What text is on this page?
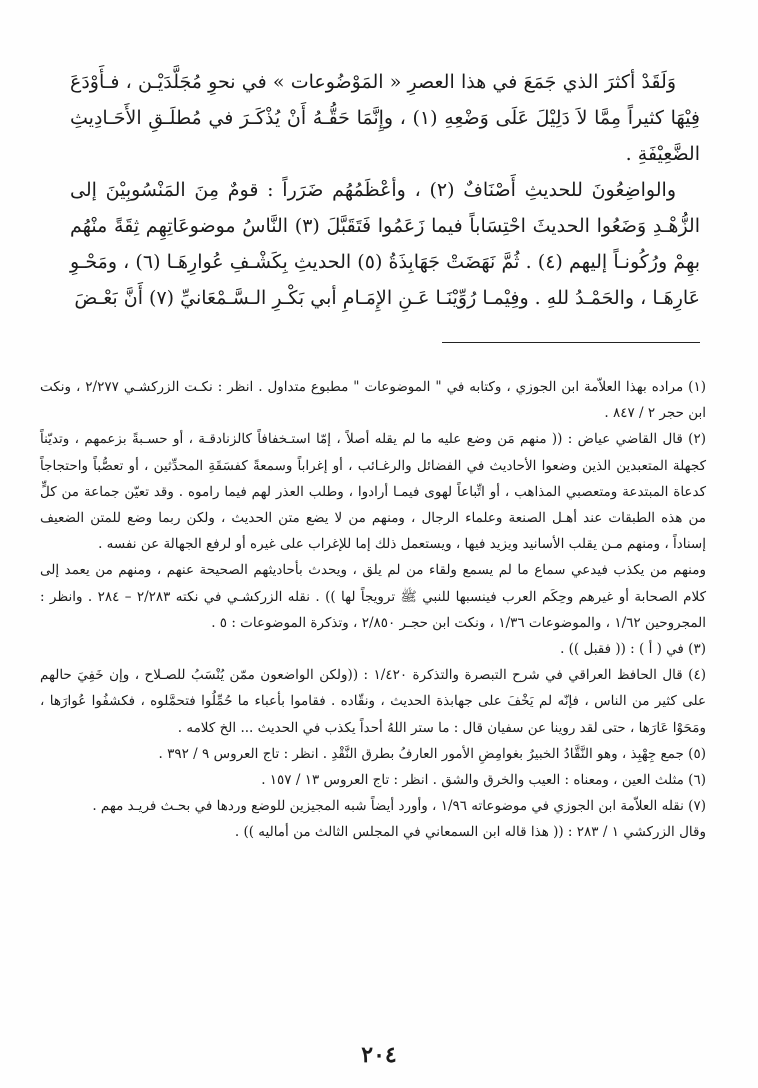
وَلَقَدْ أكثرَ الذي جَمَعَ في هذا العصرِ « المَوْضُوعات » في نحوِ مُجَلَّدَيْـن ، فـأَوْدَعَ فِيْهَا كثيراً مِمَّا لاَ دَلِيْلَ عَلَى وَضْعِهِ (١) ، وإِنَّمَا حَقُّـهُ أَنْ يُذْكَـرَ في مُطلَـقِ الأَحَـادِيثِ الضَّعِيْفَةِ .

والواضِعُونَ للحديثِ أَصْنَافٌ (٢) ، وأعْظَمُهُم ضَرَراً : قومٌ مِنَ المَنْسُوبِيْنَ إلى الزُّهْـدِ وَضَعُوا الحديثَ احْتِسَاباً فيما زَعَمُوا فَتَقَبَّلَ (٣) النَّاسُ موضوعَاتِهِم ثِقَةً منْهُم بهِمْ ورُكُونـاً إليهم (٤) . ثُمَّ نَهَضَتْ جَهَابِذَةُ (٥) الحديثِ بِكَشْـفِ عُوارِهَـا (٦) ، ومَحْـوِ عَارِهَـا ، والحَمْـدُ للهِ . وفِيْمـا رُوِّيْنَـا عَـنِ الإِمَـامِ أبي بَكْـرِ الـسَّـمْعَانيِّ (٧) أَنَّ بَعْـضَ

(١) مراده بهذا العلاّمة ابن الجوزي ، وكتابه في " الموضوعات " مطبوع متداول . انظر : نكـت الزركشـي ٢/٢٧٧ ، ونكت ابن حجر ٢ / ٨٤٧ .

(٢) قال القاضي عياض : (( منهم مَن وضع عليه ما لم يقله أصلاً ، إمّا استـخفافاً كالزنادقـة ، أو حسـبةً بزعمهم ، وتديّناً كجهلة المتعبدين الذين وضعوا الأحاديث في الفضائل والرغـائب ، أو إغراباً وسمعةً كفسَقَةِ المحدِّثين ، أو تعصُّباً واحتجاجاً كدعاة المبتدعة ومتعصبي المذاهب ، أو اتِّباعاً لهوى فيمـا أرادوا ، وطلب العذر لهم فيما راموه . وقد تعيّن جماعة من كلٍّ من هذه الطبقات عند أهـل الصنعة وعلماء الرجال ، ومنهم من لا يضع متن الحديث ، ولكن ربما وضع للمتن الضعيف إسناداً ، ومنهم مـن يقلب الأسانيد ويزيد فيها ، ويستعمل ذلك إما للإغراب على غيره أو لرفع الجهالة عن نفسه .

ومنهم من يكذب فيدعي سماع ما لم يسمع ولقاء من لم يلق ، ويحدث بأحاديثهم الصحيحة عنهم ، ومنهم من يعمد إلى كلام الصحابة أو غيرهم وحِكَم العرب فينسبها للنبي ﷺ ترويجاً لها )) . نقله الزركشـي في نكته ٢/٢٨٣ – ٢٨٤ . وانظر : المجروحين ١/٦٢ ، والموضوعات ١/٣٦ ، ونكت ابن حجـر ٢/٨٥٠ ، وتذكرة الموضوعات : ٥ .

(٣) في ( أ ) : (( فقبل )) .

(٤) قال الحافظ العراقي في شرح التبصرة والتذكرة ١/٤٢٠ : ((ولكن الواضعون ممّن يُنْسَبُ للصـلاح ، وإن خَفِيَ حالهم على كثير من الناس ، فإنّه لم يَخْفَ على جهابذة الحديث ، ونقّاده . فقاموا بأعباء ما حُمِّلُوا فتحمَّلوه ، فكشفُوا عُوارَها ، ومَحَوْا عَارَها ، حتى لقد روينا عن سفيان قال : ما ستر اللهُ أحداً يكذب في الحديث ... الخ كلامه .

(٥) جمع جِهْبِذ ، وهو النَّقَّادُ الخبيرُ بغوامِضِ الأمور العارفُ بطرق النَّقْدِ . انظر : تاج العروس ٩ / ٣٩٢ .

(٦) مثلث العين ، ومعناه : العيب والخرق والشق . انظر : تاج العروس ١٣ / ١٥٧ .

(٧) نقله العلاّمة ابن الجوزي في موضوعاته ١/٩٦ ، وأورد أيضاً شبه المجيزين للوضع وردها في بحـث فريـد مهم .

وقال الزركشي ١ / ٢٨٣ : (( هذا قاله ابن السمعاني في المجلس الثالث من أماليه )) .

٢٠٤
